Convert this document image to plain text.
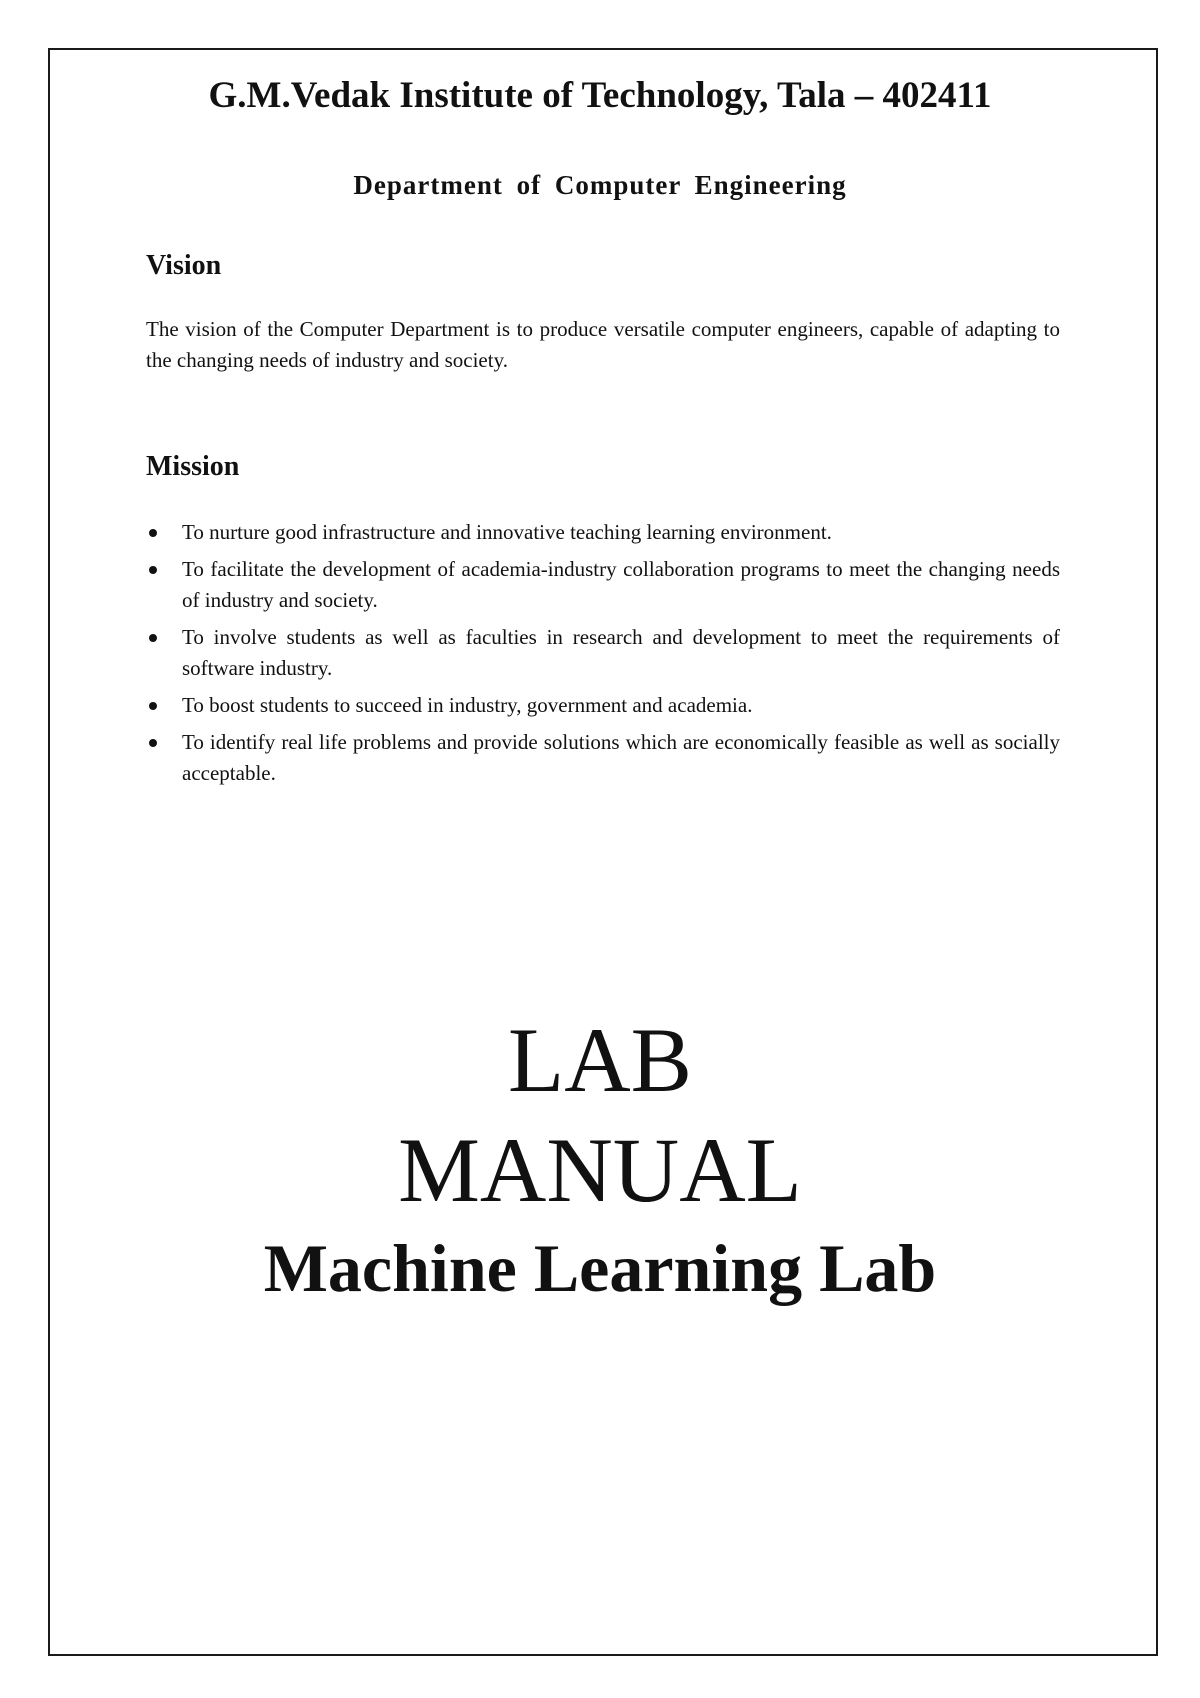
G.M.Vedak Institute of Technology, Tala – 402411
Department of Computer Engineering
Vision

The vision of the Computer Department is to produce versatile computer engineers, capable of adapting to the changing needs of industry and society.

Mission
To nurture good infrastructure and innovative teaching learning environment.
To facilitate the development of academia-industry collaboration programs to meet the changing needs of industry and society.
To involve students as well as faculties in research and development to meet the requirements of software industry.
To boost students to succeed in industry, government and academia.
To identify real life problems and provide solutions which are economically feasible as well as socially acceptable.
LAB
MANUAL
Machine Learning Lab
